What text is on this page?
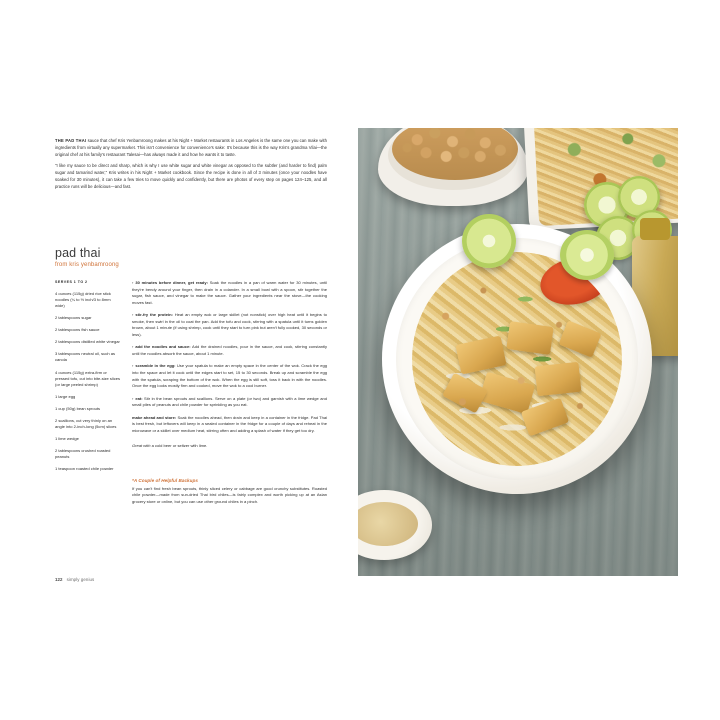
THE PAD THAI sauce that chef Kris Yenbamroong makes at his Night + Market restaurants in Los Angeles is the same one you can make with ingredients from virtually any supermarket. This isn't convenience for convenience's sake: It's because this is the way Kris's grandma Vilai—the original chef at his family's restaurant Talesai—has always made it and how he wants it to taste.

"I like my sauce to be direct and sharp, which is why I use white sugar and white vinegar as opposed to the subtler (and harder to find) palm sugar and tamarind water," Kris writes in his Night + Market cookbook. Since the recipe is done in all of 3 minutes (once your noodles have soaked for 30 minutes), it can take a few tries to move quickly and confidently, but there are photos of every step on pages 124–125, and all practice runs will be delicious—and fast.

pad thai
from kris yenbamroong
SERVES 1 TO 2

4 ounces (115g) dried rice stick noodles (¼ to ½ inch/3 to 8mm wide)

2 tablespoons sugar

2 tablespoons fish sauce

2 tablespoons distilled white vinegar

3 tablespoons neutral oil, such as canola

4 ounces (115g) extra-firm or pressed tofu, cut into bite-size slices (or large peeled shrimp)

1 large egg

1 cup (50g) bean sprouts

2 scallions, cut very thinly on an angle into 2-inch-long (5cm) slices

1 lime wedge

2 tablespoons crushed roasted peanuts

1 teaspoon roasted chile powder

› 30 minutes before dinner, get ready: Soak the noodles in a pan of warm water for 30 minutes, until they're bendy around your finger, then drain in a colander. In a small bowl with a spoon, stir together the sugar, fish sauce, and vinegar to make the sauce. Gather your ingredients near the stove—the cooking moves fast.

› stir-fry the protein: Heat an empty wok or large skillet (not nonstick) over high heat until it begins to smoke, then swirl in the oil to coat the pan. Add the tofu and cook, stirring with a spatula until it turns golden brown, about 1 minute (if using shrimp, cook until they start to turn pink but aren't fully cooked, 30 seconds or less).

› add the noodles and sauce: Add the drained noodles, pour in the sauce, and cook, stirring constantly until the noodles absorb the sauce, about 1 minute.

› scramble in the egg: Use your spatula to make an empty space in the center of the wok. Crack the egg into the space and let it cook until the edges start to set, 15 to 30 seconds. Break up and scramble the egg with the spatula, scraping the bottom of the wok. When the egg is still soft, toss it back in with the noodles. Once the egg looks mostly firm and cooked, move the wok to a cool burner.

› eat: Stir in the bean sprouts and scallions. Serve on a plate (or two) and garnish with a lime wedge and small piles of peanuts and chile powder for sprinkling as you eat.

make ahead and store: Soak the noodles ahead, then drain and keep in a container in the fridge. Pad Thai is best fresh, but leftovers will keep in a sealed container in the fridge for a couple of days and reheat in the microwave or a skillet over medium heat, stirring often and adding a splash of water if they get too dry.

Great with a cold beer or seltzer with lime.

*A Couple of Helpful Backups
If you can't find fresh bean sprouts, thinly sliced celery or cabbage are good crunchy substitutes. Roasted chile powder—made from sun-dried Thai bird chiles—is fairly complex and worth picking up at an Asian grocery store or online, but you can use other ground chiles in a pinch.
122 simply genius
